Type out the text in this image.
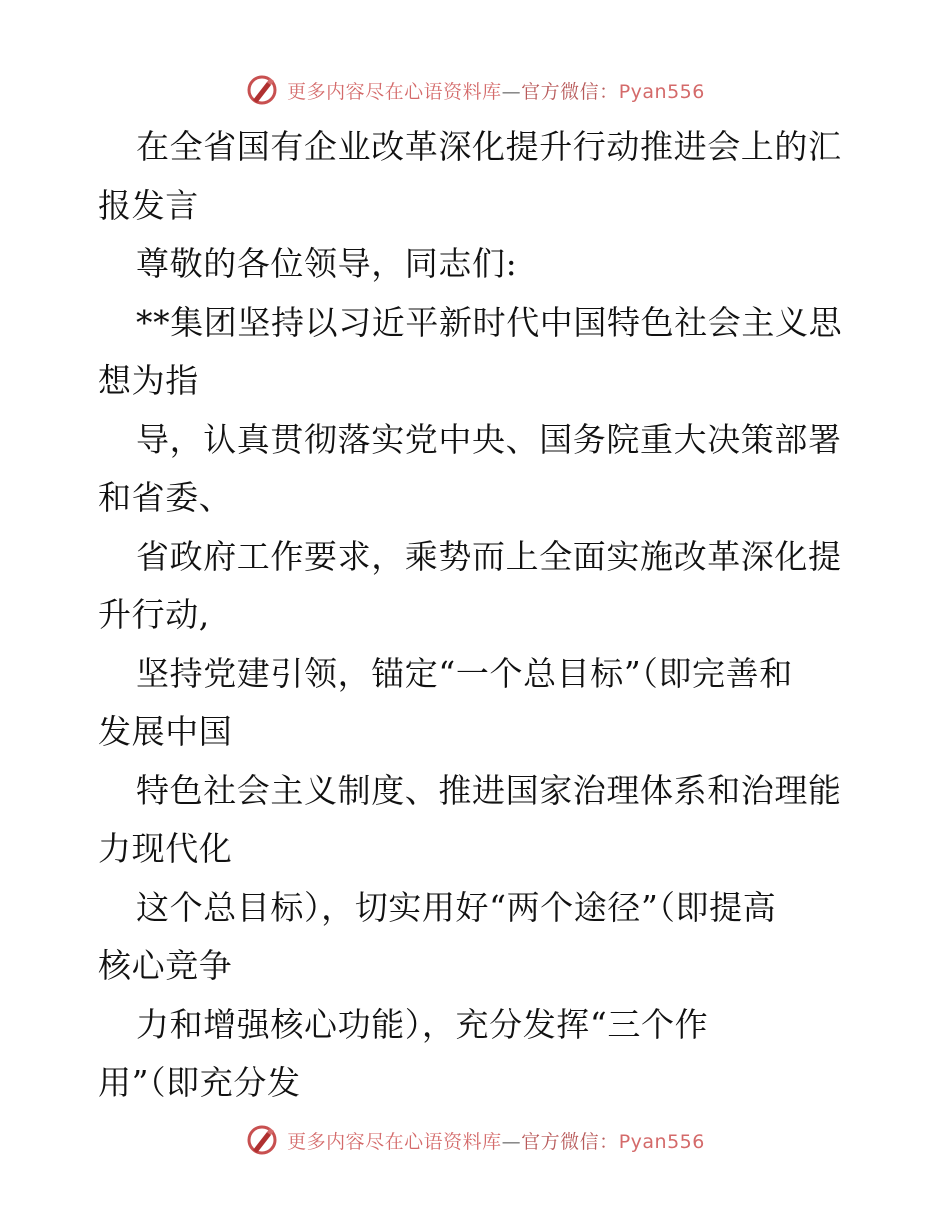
更多内容尽在心语资料库—官方微信：Pyan556
在全省国有企业改革深化提升行动推进会上的汇
报发言
尊敬的各位领导，同志们:
**集团坚持以习近平新时代中国特色社会主义思
想为指
导，认真贯彻落实党中央、国务院重大决策部署
和省委、
省政府工作要求，乘势而上全面实施改革深化提
升行动,
坚持党建引领，锚定“一个总目标”（即完善和
发展中国
特色社会主义制度、推进国家治理体系和治理能
力现代化
这个总目标），切实用好“两个途径”（即提高
核心竞争
力和增强核心功能），充分发挥“三个作
用”（即充分发
更多内容尽在心语资料库—官方微信：Pyan556
